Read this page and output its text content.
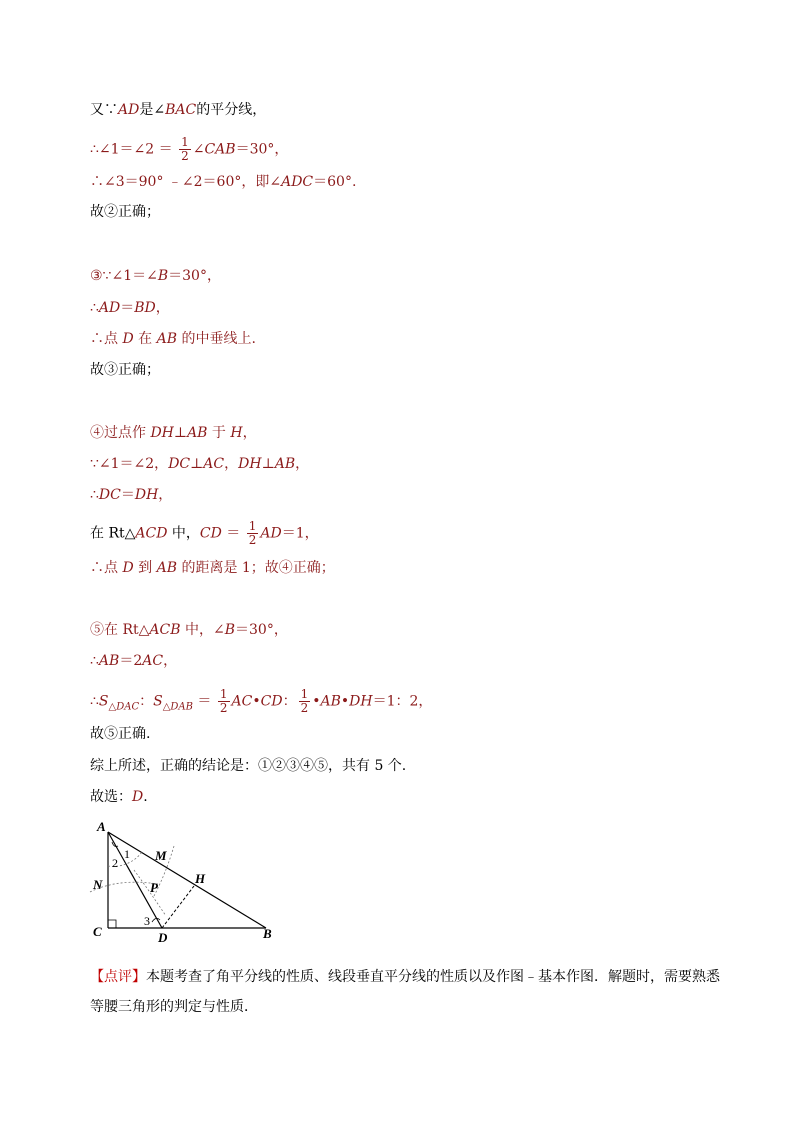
又∵AD是∠BAC的平分线，
∴∠1＝∠2 ＝ $\frac{1}{2}$ ∠CAB＝30°，
∴∠3＝90° ﹣∠2＝60°，即∠ADC＝60°.
故②正确；
③∵∠1＝∠B＝30°，
∴AD＝BD，
∴点 D 在 AB 的中垂线上.
故③正确；
④过点作 DH⊥AB 于 H，
∵∠1＝∠2，DC⊥AC，DH⊥AB，
∴DC＝DH，
在 Rt△ACD 中，CD ＝ $\frac{1}{2} AD=1$，
∴点 D 到 AB 的距离是 1；故④正确；
⑤在 Rt△ACB 中，∠B＝30°，
∴AB＝2AC，
$\therefore S_{\triangle DAC}$：$S_{\triangle DAB} = \frac{1}{2}$ AC•CD： $\frac{1}{2}$ •AB•DH＝1：2，
故⑤正确.
综上所述，正确的结论是：①②③④⑤，共有 5 个.
故选：D.
A
C	D	B
H
M
N	P
1
2
3
【点评】本题考查了角平分线的性质、线段垂直平分线的性质以及作图﹣基本作图．解题时，需要熟悉
等腰三角形的判定与性质．
